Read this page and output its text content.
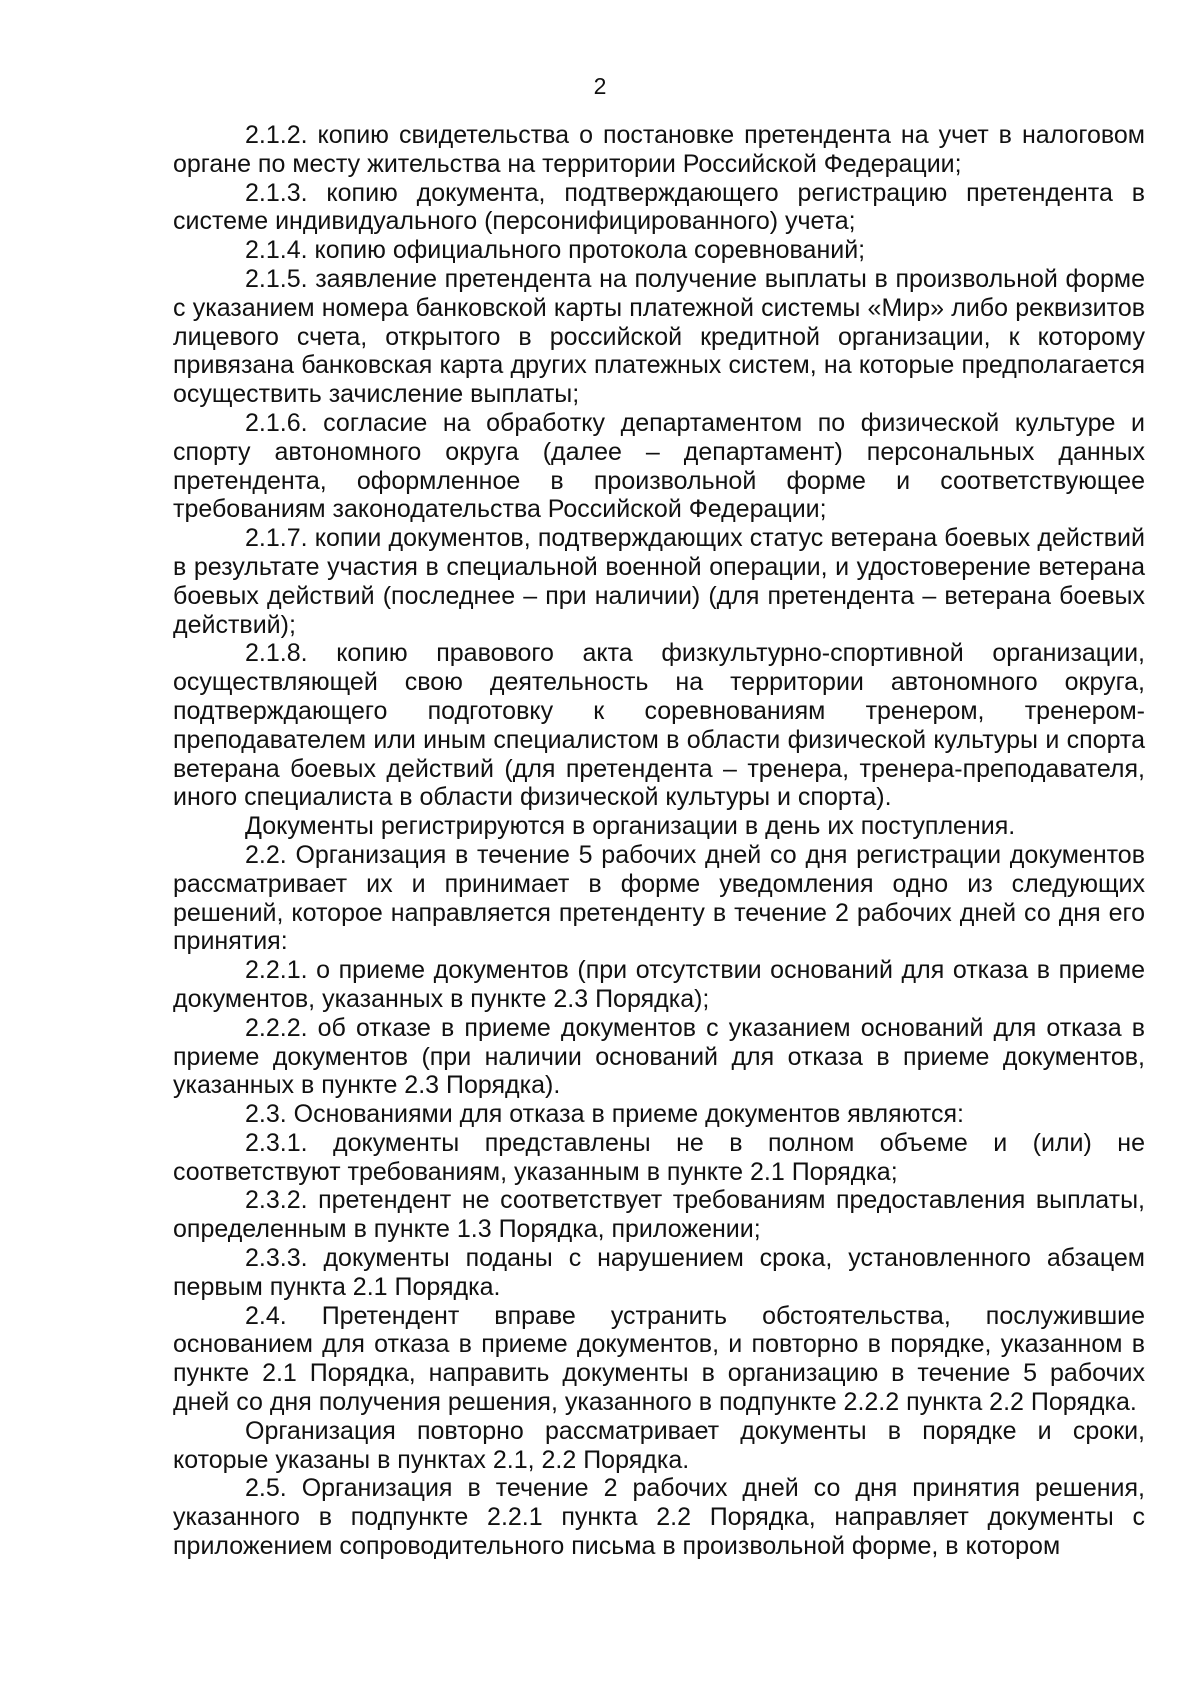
2

2.1.2. копию свидетельства о постановке претендента на учет в налоговом органе по месту жительства на территории Российской Федерации;

2.1.3. копию документа, подтверждающего регистрацию претендента в системе индивидуального (персонифицированного) учета;

2.1.4. копию официального протокола соревнований;

2.1.5. заявление претендента на получение выплаты в произвольной форме с указанием номера банковской карты платежной системы «Мир» либо реквизитов лицевого счета, открытого в российской кредитной организации, к которому привязана банковская карта других платежных систем, на которые предполагается осуществить зачисление выплаты;

2.1.6. согласие на обработку департаментом по физической культуре и спорту автономного округа (далее – департамент) персональных данных претендента, оформленное в произвольной форме и соответствующее требованиям законодательства Российской Федерации;

2.1.7. копии документов, подтверждающих статус ветерана боевых действий в результате участия в специальной военной операции, и удостоверение ветерана боевых действий (последнее – при наличии) (для претендента – ветерана боевых действий);

2.1.8. копию правового акта физкультурно-спортивной организации, осуществляющей свою деятельность на территории автономного округа, подтверждающего подготовку к соревнованиям тренером, тренером-преподавателем или иным специалистом в области физической культуры и спорта ветерана боевых действий (для претендента – тренера, тренера-преподавателя, иного специалиста в области физической культуры и спорта).

Документы регистрируются в организации в день их поступления.

2.2. Организация в течение 5 рабочих дней со дня регистрации документов рассматривает их и принимает в форме уведомления одно из следующих решений, которое направляется претенденту в течение 2 рабочих дней со дня его принятия:

2.2.1. о приеме документов (при отсутствии оснований для отказа в приеме документов, указанных в пункте 2.3 Порядка);

2.2.2. об отказе в приеме документов с указанием оснований для отказа в приеме документов (при наличии оснований для отказа в приеме документов, указанных в пункте 2.3 Порядка).

2.3. Основаниями для отказа в приеме документов являются:

2.3.1. документы представлены не в полном объеме и (или) не соответствуют требованиям, указанным в пункте 2.1 Порядка;

2.3.2. претендент не соответствует требованиям предоставления выплаты, определенным в пункте 1.3 Порядка, приложении;

2.3.3. документы поданы с нарушением срока, установленного абзацем первым пункта 2.1 Порядка.

2.4. Претендент вправе устранить обстоятельства, послужившие основанием для отказа в приеме документов, и повторно в порядке, указанном в пункте 2.1 Порядка, направить документы в организацию в течение 5 рабочих дней со дня получения решения, указанного в подпункте 2.2.2 пункта 2.2 Порядка.

Организация повторно рассматривает документы в порядке и сроки, которые указаны в пунктах 2.1, 2.2 Порядка.

2.5. Организация в течение 2 рабочих дней со дня принятия решения, указанного в подпункте 2.2.1 пункта 2.2 Порядка, направляет документы с приложением сопроводительного письма в произвольной форме, в котором
